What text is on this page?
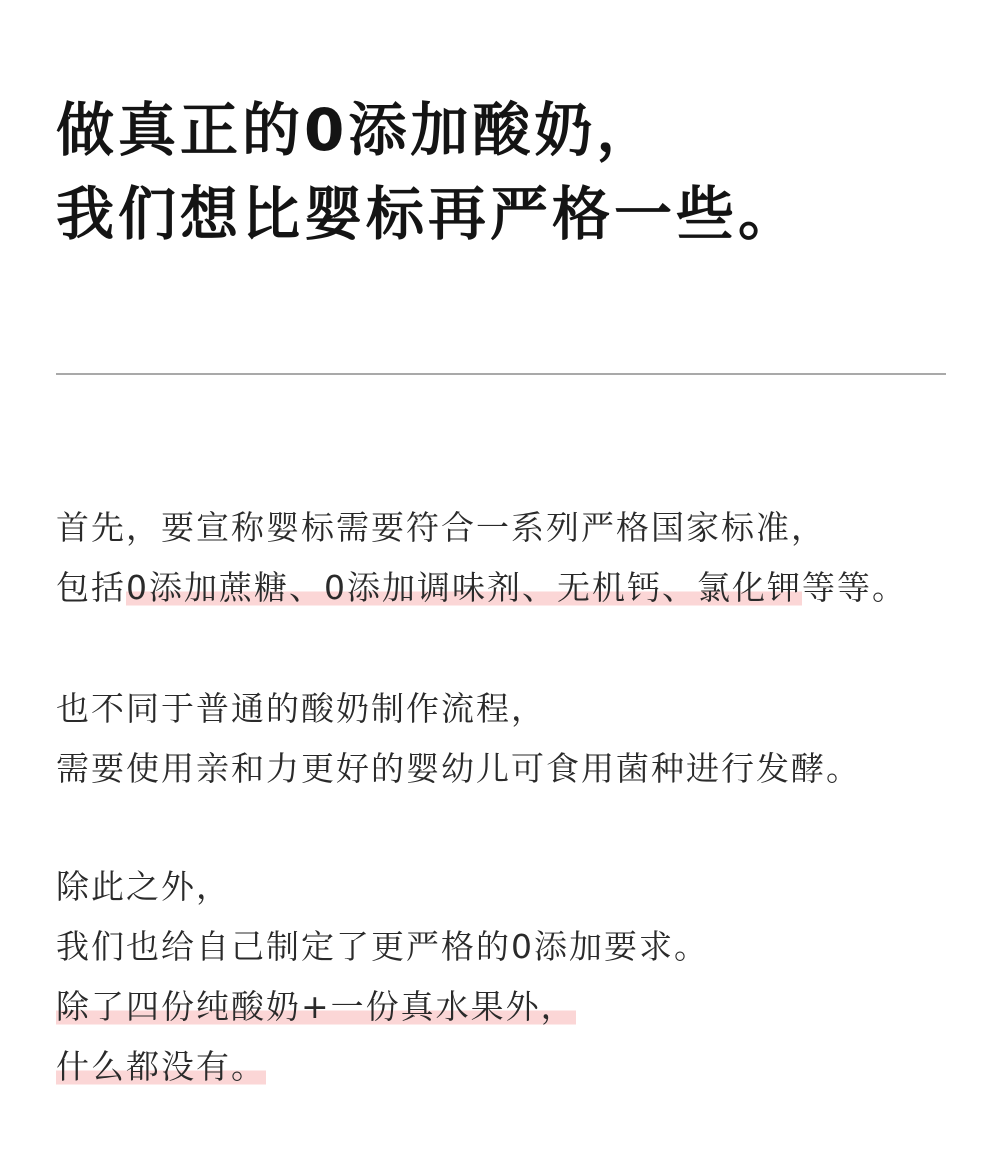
做真正的0添加酸奶，
我们想比婴标再严格一些。
首先，要宣称婴标需要符合一系列严格国家标准，
包括0添加蔗糖、0添加调味剂、无机钙、氯化钾等等。
也不同于普通的酸奶制作流程，
需要使用亲和力更好的婴幼儿可食用菌种进行发酵。
除此之外，
我们也给自己制定了更严格的0添加要求。
除了四份纯酸奶+一份真水果外，
什么都没有。
